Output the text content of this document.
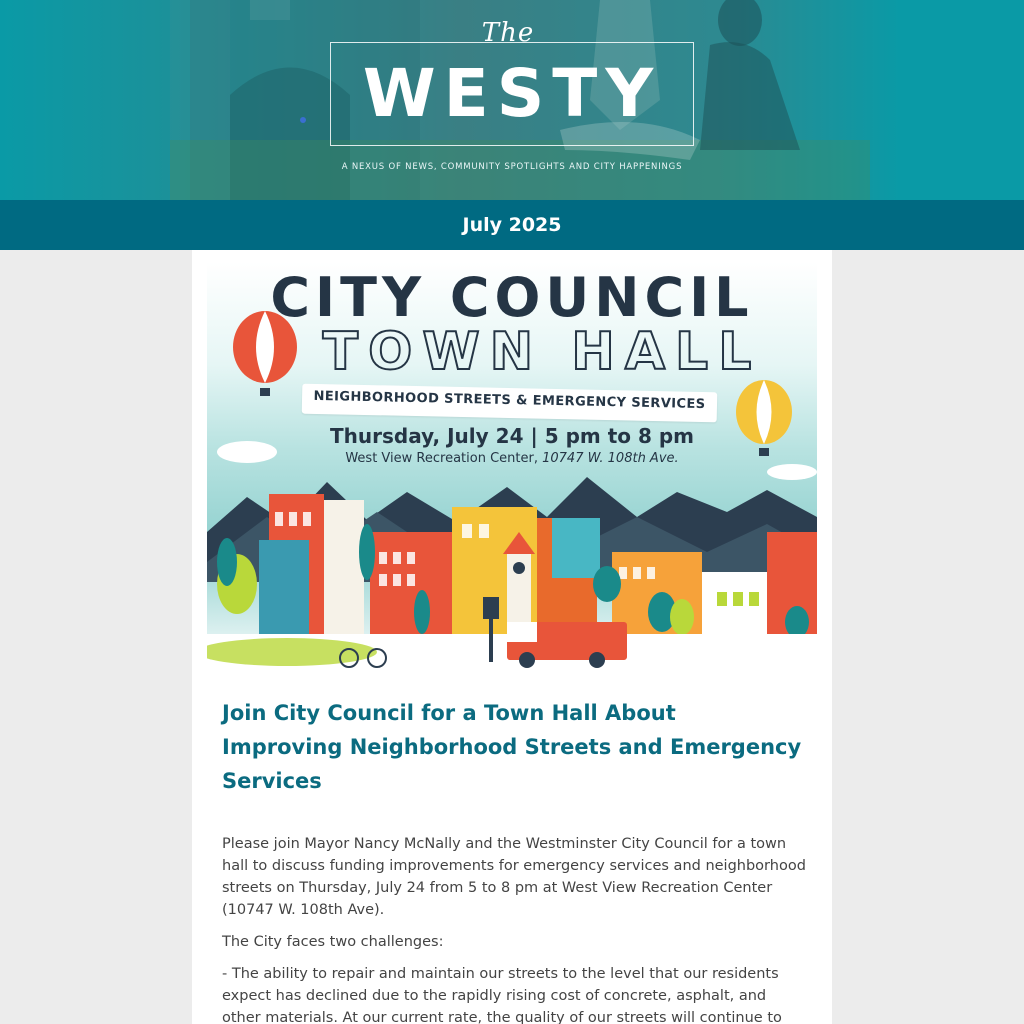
The
WESTY
A NEXUS OF NEWS, COMMUNITY SPOTLIGHTS AND CITY HAPPENINGS
July 2025
CITY COUNCIL
TOWN HALL
NEIGHBORHOOD STREETS & EMERGENCY SERVICES
Thursday, July 24 | 5 pm to 8 pm
West View Recreation Center, 10747 W. 108th Ave.
Join City Council for a Town Hall About Improving Neighborhood Streets and Emergency Services

Please join Mayor Nancy McNally and the Westminster City Council for a town hall to discuss funding improvements for emergency services and neighborhood streets on Thursday, July 24 from 5 to 8 pm at West View Recreation Center (10747 W. 108th Ave).

The City faces two challenges:

- The ability to repair and maintain our streets to the level that our residents expect has declined due to the rapidly rising cost of concrete, asphalt, and other materials. At our current rate, the quality of our streets will continue to
